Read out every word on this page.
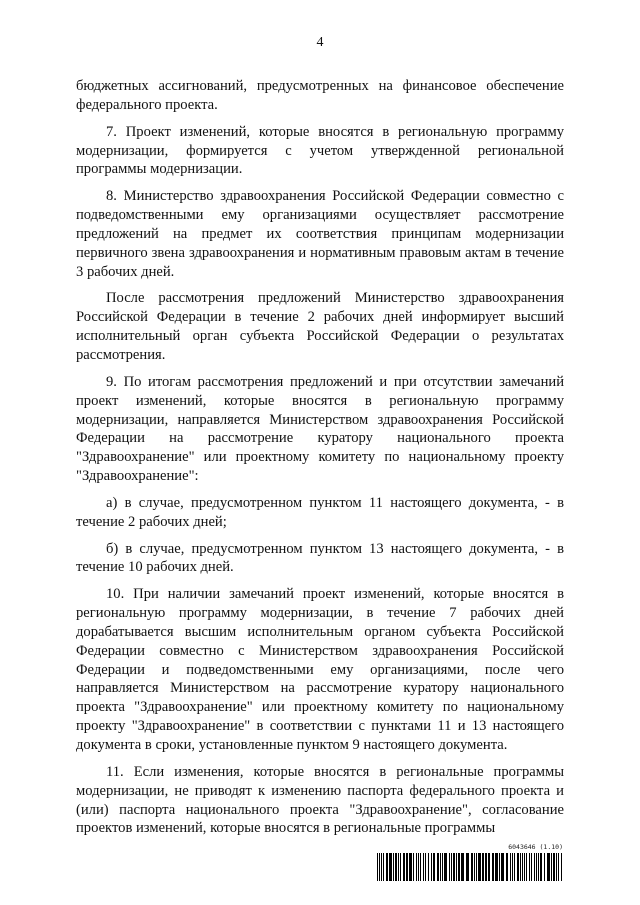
4

бюджетных ассигнований, предусмотренных на финансовое обеспечение федерального проекта.

7. Проект изменений, которые вносятся в региональную программу модернизации, формируется с учетом утвержденной региональной программы модернизации.

8. Министерство здравоохранения Российской Федерации совместно с подведомственными ему организациями осуществляет рассмотрение предложений на предмет их соответствия принципам модернизации первичного звена здравоохранения и нормативным правовым актам в течение 3 рабочих дней.

После рассмотрения предложений Министерство здравоохранения Российской Федерации в течение 2 рабочих дней информирует высший исполнительный орган субъекта Российской Федерации о результатах рассмотрения.

9. По итогам рассмотрения предложений и при отсутствии замечаний проект изменений, которые вносятся в региональную программу модернизации, направляется Министерством здравоохранения Российской Федерации на рассмотрение куратору национального проекта "Здравоохранение" или проектному комитету по национальному проекту "Здравоохранение":

а) в случае, предусмотренном пунктом 11 настоящего документа, - в течение 2 рабочих дней;

б) в случае, предусмотренном пунктом 13 настоящего документа, - в течение 10 рабочих дней.

10. При наличии замечаний проект изменений, которые вносятся в региональную программу модернизации, в течение 7 рабочих дней дорабатывается высшим исполнительным органом субъекта Российской Федерации совместно с Министерством здравоохранения Российской Федерации и подведомственными ему организациями, после чего направляется Министерством на рассмотрение куратору национального проекта "Здравоохранение" или проектному комитету по национальному проекту "Здравоохранение" в соответствии с пунктами 11 и 13 настоящего документа в сроки, установленные пунктом 9 настоящего документа.

11. Если изменения, которые вносятся в региональные программы модернизации, не приводят к изменению паспорта федерального проекта и (или) паспорта национального проекта "Здравоохранение", согласование проектов изменений, которые вносятся в региональные программы

6043646 (1.10)
